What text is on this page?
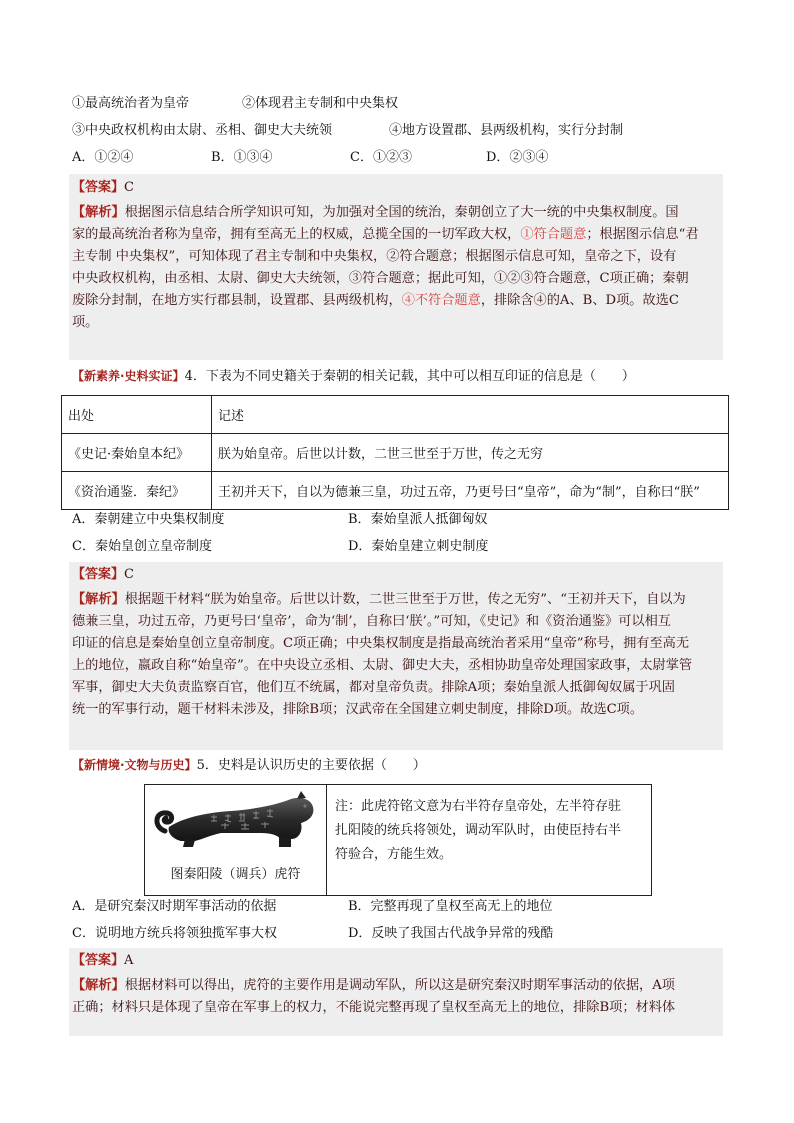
①最高统治者为皇帝	②体现君主专制和中央集权
③中央政权机构由太尉、丞相、御史大夫统领	④地方设置郡、县两级机构，实行分封制
A．①②④	B．①③④	C．①②③	D．②③④
【答案】C

【解析】根据图示信息结合所学知识可知，为加强对全国的统治，秦朝创立了大一统的中央集权制度。国

家的最高统治者称为皇帝，拥有至高无上的权威，总揽全国的一切军政大权，①符合题意；根据图示信息“君

主专制 中央集权”，可知体现了君主专制和中央集权，②符合题意；根据图示信息可知，皇帝之下，设有

中央政权机构，由丞相、太尉、御史大夫统领，③符合题意；据此可知，①②③符合题意，C项正确；秦朝

废除分封制，在地方实行郡县制，设置郡、县两级机构，④不符合题意，排除含④的A、B、D项。故选C

项。

【新素养·史料实证】4．下表为不同史籍关于秦朝的相关记载，其中可以相互印证的信息是（　　）
出处	记述
《史记·秦始皇本纪》	朕为始皇帝。后世以计数，二世三世至于万世，传之无穷
《资治通鉴．秦纪》	王初并天下，自以为德兼三皇，功过五帝，乃更号曰“皇帝”，命为“制”，自称曰“朕”
A．秦朝建立中央集权制度	B．秦始皇派人抵御匈奴
C．秦始皇创立皇帝制度	D．秦始皇建立刺史制度
【答案】C

【解析】根据题干材料“朕为始皇帝。后世以计数，二世三世至于万世，传之无穷”、“王初并天下，自以为

德兼三皇，功过五帝，乃更号曰‘皇帝’，命为‘制’，自称曰‘朕’。”可知，《史记》和《资治通鉴》可以相互

印证的信息是秦始皇创立皇帝制度。C项正确；中央集权制度是指最高统治者采用“皇帝”称号，拥有至高无

上的地位，嬴政自称“始皇帝”。在中央设立丞相、太尉、御史大夫，丞相协助皇帝处理国家政事，太尉掌管

军事，御史大夫负责监察百官，他们互不统属，都对皇帝负责。排除A项；秦始皇派人抵御匈奴属于巩固

统一的军事行动，题干材料未涉及，排除B项；汉武帝在全国建立刺史制度，排除D项。故选C项。

【新情境·文物与历史】5．史料是认识历史的主要依据（　　）
图秦阳陵（调兵）虎符
注：此虎符铭文意为右半符存皇帝处，左半符存驻
扎阳陵的统兵将领处，调动军队时，由使臣持右半
符验合，方能生效。
A．是研究秦汉时期军事活动的依据	B．完整再现了皇权至高无上的地位
C．说明地方统兵将领独揽军事大权	D．反映了我国古代战争异常的残酷
【答案】A

【解析】根据材料可以得出，虎符的主要作用是调动军队，所以这是研究秦汉时期军事活动的依据，A项

正确；材料只是体现了皇帝在军事上的权力，不能说完整再现了皇权至高无上的地位，排除B项；材料体
